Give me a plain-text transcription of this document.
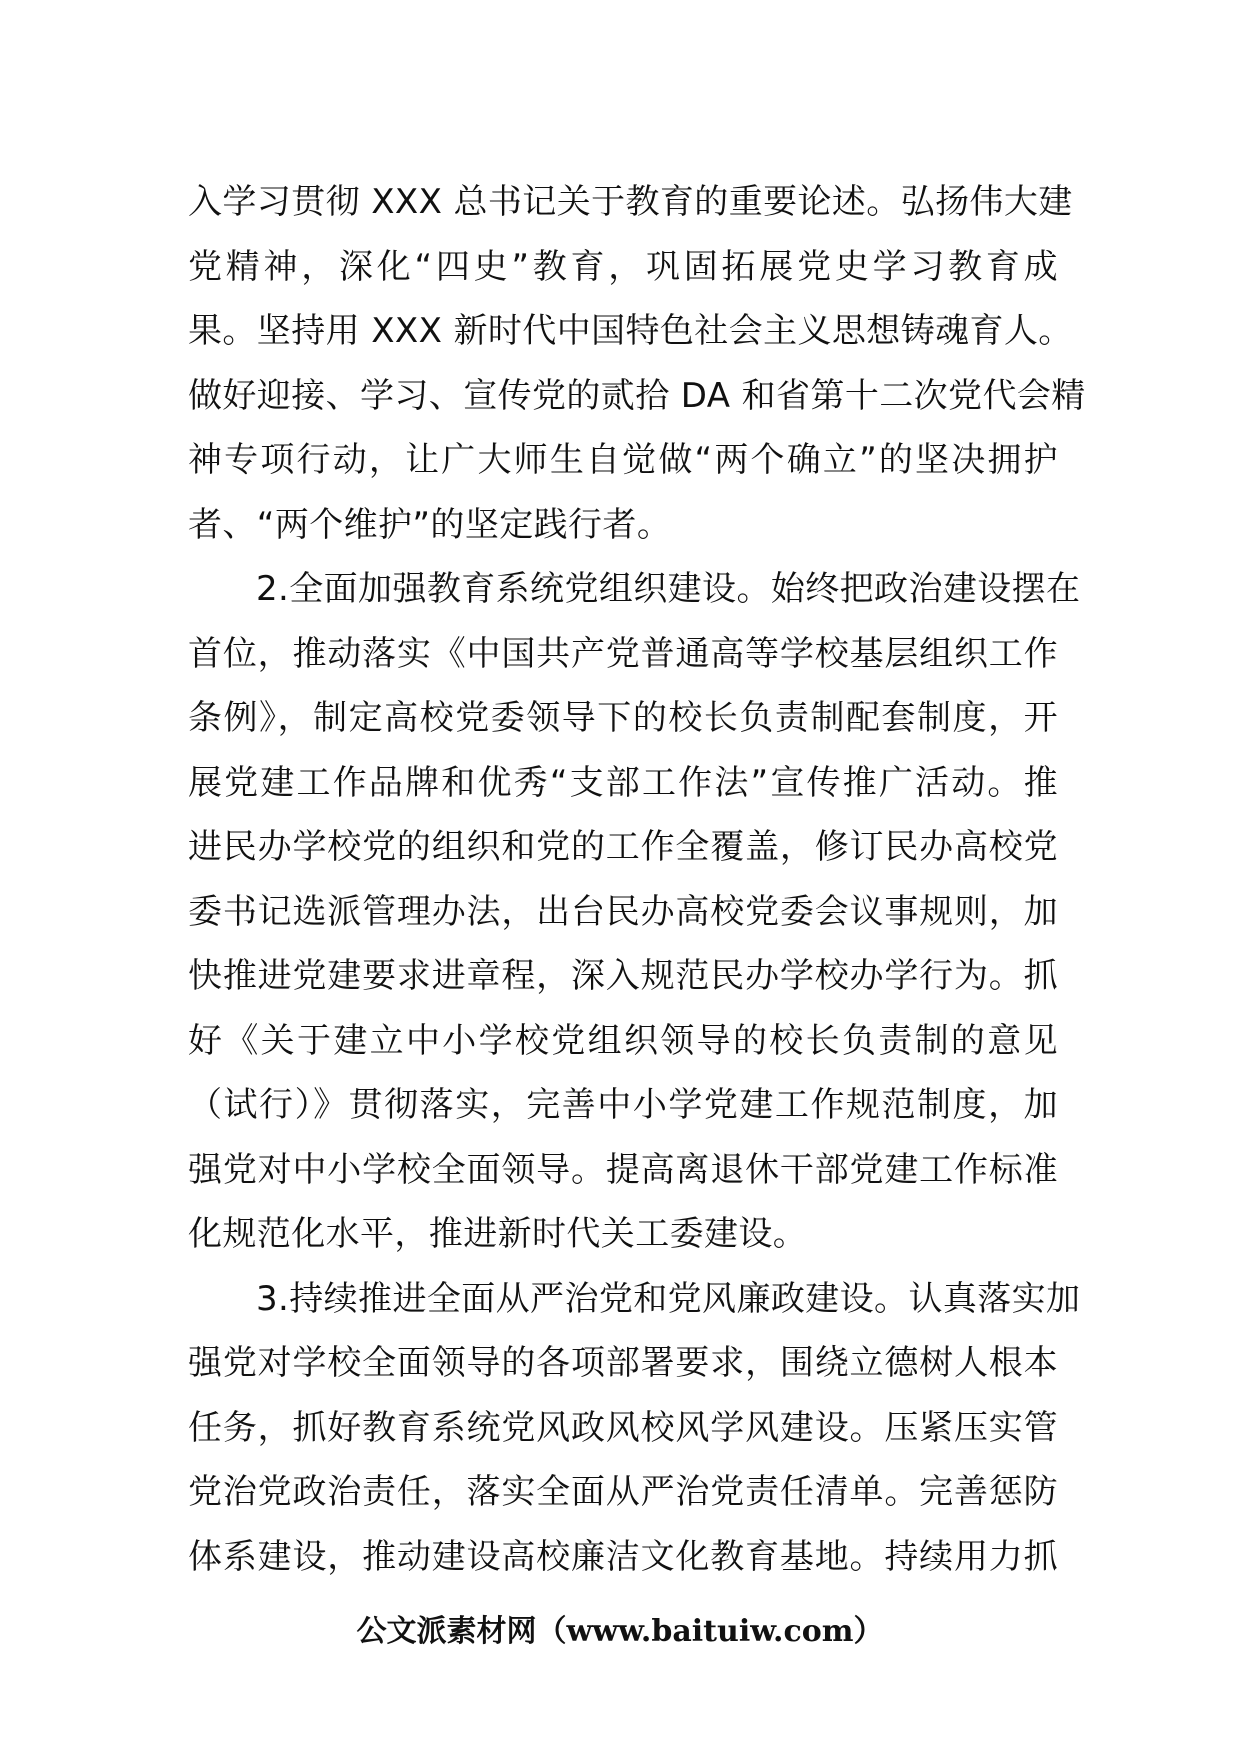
入学习贯彻 XXX 总书记关于教育的重要论述。弘扬伟大建
党精神，深化“四史”教育，巩固拓展党史学习教育成
果。坚持用 XXX 新时代中国特色社会主义思想铸魂育人。
做好迎接、学习、宣传党的贰拾 DA 和省第十二次党代会精
神专项行动，让广大师生自觉做“两个确立”的坚决拥护
者、“两个维护”的坚定践行者。
2.全面加强教育系统党组织建设。始终把政治建设摆在
首位，推动落实《中国共产党普通高等学校基层组织工作
条例》，制定高校党委领导下的校长负责制配套制度，开
展党建工作品牌和优秀“支部工作法”宣传推广活动。推
进民办学校党的组织和党的工作全覆盖，修订民办高校党
委书记选派管理办法，出台民办高校党委会议事规则，加
快推进党建要求进章程，深入规范民办学校办学行为。抓
好《关于建立中小学校党组织领导的校长负责制的意见
（试行）》贯彻落实，完善中小学党建工作规范制度，加
强党对中小学校全面领导。提高离退休干部党建工作标准
化规范化水平，推进新时代关工委建设。
3.持续推进全面从严治党和党风廉政建设。认真落实加
强党对学校全面领导的各项部署要求，围绕立德树人根本
任务，抓好教育系统党风政风校风学风建设。压紧压实管
党治党政治责任，落实全面从严治党责任清单。完善惩防
体系建设，推动建设高校廉洁文化教育基地。持续用力抓
公文派素材网（www.baituiw.com）
